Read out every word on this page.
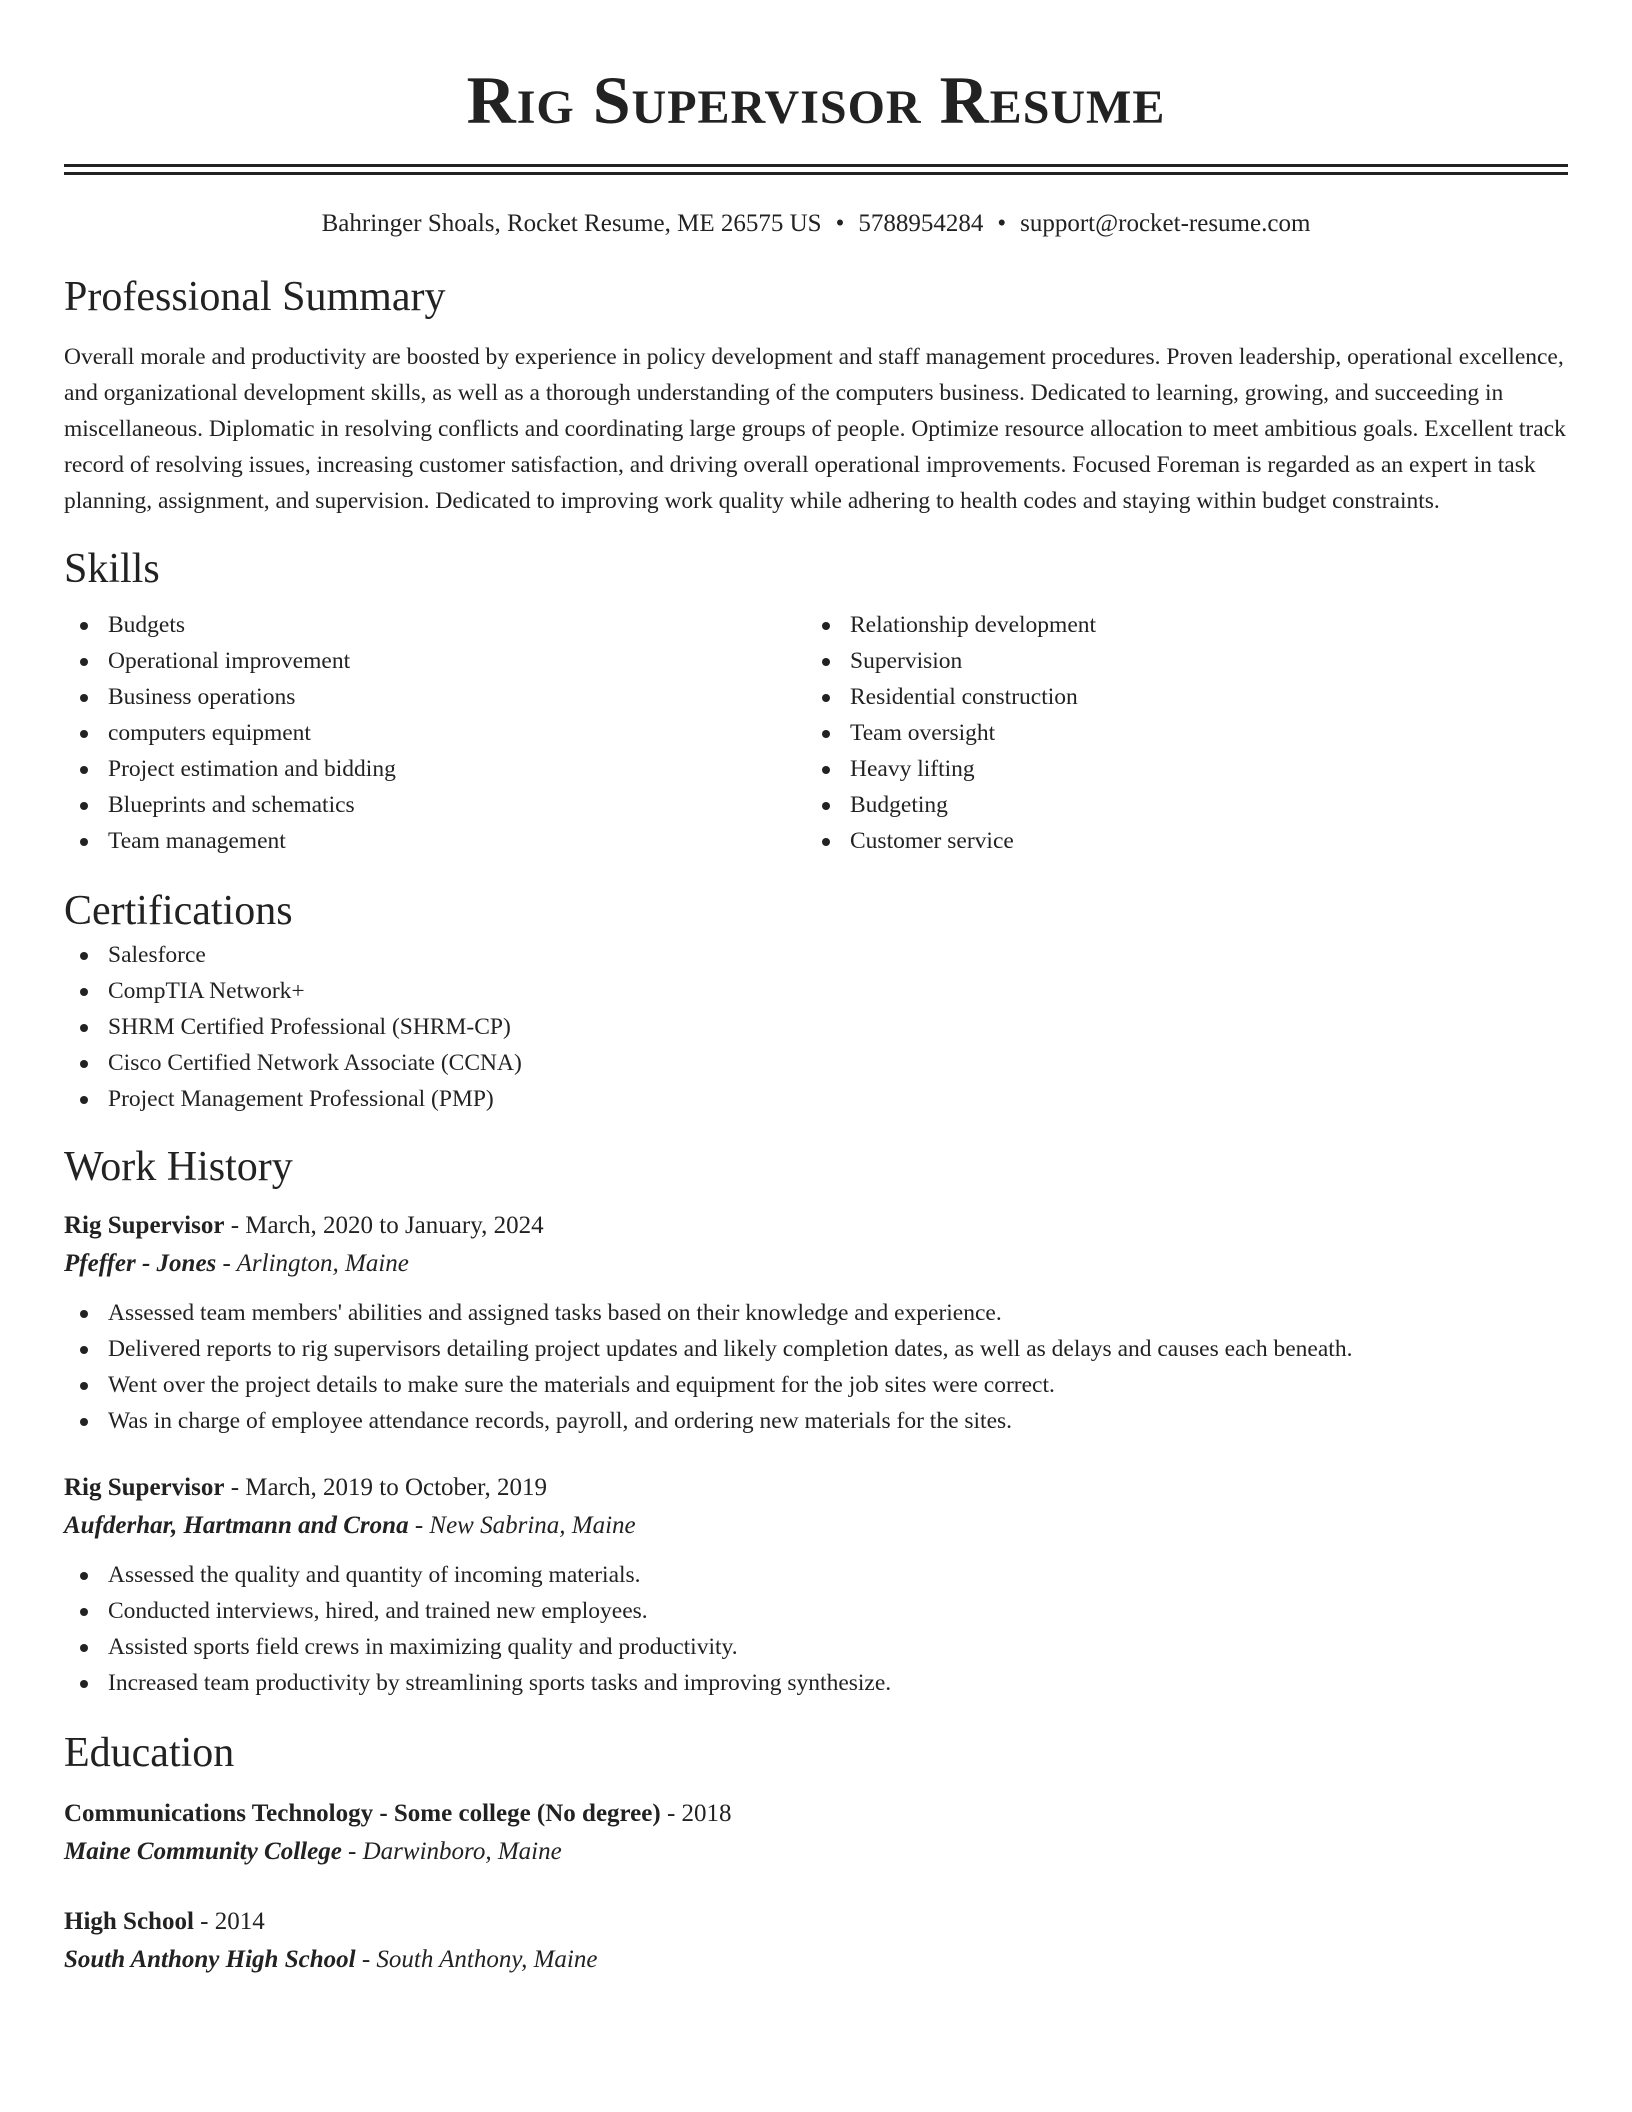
Rig Supervisor Resume
Bahringer Shoals, Rocket Resume, ME 26575 US • 5788954284 • support@rocket-resume.com
Professional Summary

Overall morale and productivity are boosted by experience in policy development and staff management procedures. Proven leadership, operational excellence, and organizational development skills, as well as a thorough understanding of the computers business. Dedicated to learning, growing, and succeeding in miscellaneous. Diplomatic in resolving conflicts and coordinating large groups of people. Optimize resource allocation to meet ambitious goals. Excellent track record of resolving issues, increasing customer satisfaction, and driving overall operational improvements. Focused Foreman is regarded as an expert in task planning, assignment, and supervision. Dedicated to improving work quality while adhering to health codes and staying within budget constraints.

Skills
Budgets
Operational improvement
Business operations
computers equipment
Project estimation and bidding
Blueprints and schematics
Team management
Relationship development
Supervision
Residential construction
Team oversight
Heavy lifting
Budgeting
Customer service
Certifications
Salesforce
CompTIA Network+
SHRM Certified Professional (SHRM-CP)
Cisco Certified Network Associate (CCNA)
Project Management Professional (PMP)
Work History
Rig Supervisor - March, 2020 to January, 2024
Pfeffer - Jones - Arlington, Maine
Assessed team members' abilities and assigned tasks based on their knowledge and experience.
Delivered reports to rig supervisors detailing project updates and likely completion dates, as well as delays and causes each beneath.
Went over the project details to make sure the materials and equipment for the job sites were correct.
Was in charge of employee attendance records, payroll, and ordering new materials for the sites.
Rig Supervisor - March, 2019 to October, 2019
Aufderhar, Hartmann and Crona - New Sabrina, Maine
Assessed the quality and quantity of incoming materials.
Conducted interviews, hired, and trained new employees.
Assisted sports field crews in maximizing quality and productivity.
Increased team productivity by streamlining sports tasks and improving synthesize.
Education
Communications Technology - Some college (No degree) - 2018
Maine Community College - Darwinboro, Maine
High School - 2014
South Anthony High School - South Anthony, Maine
